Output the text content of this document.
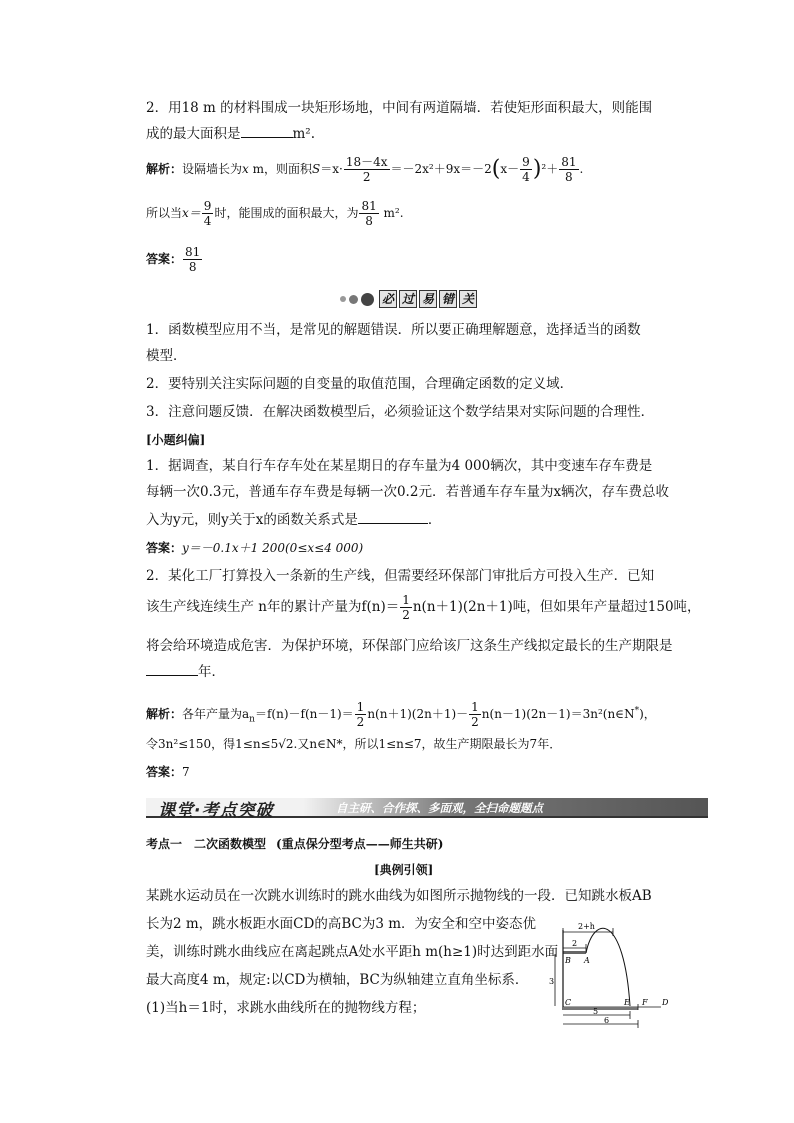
2．用18 m 的材料围成一块矩形场地，中间有两道隔墙．若使矩形面积最大，则能围
成的最大面积是	m².
解析：设隔墙长为x m，则面积$S=x\cdot \frac{18-4x}{2} =-2x^2+9x=-2(x- \frac{9}{4} )^2+ \frac{81}{8}$ .
所以当$x= \frac{9}{4}$ 时，能围成的面积最大，为 $\frac{81}{8} m^2$.
答案： $\frac{81}{8}$
必 过 易 错 关
1．函数模型应用不当，是常见的解题错误．所以要正确理解题意，选择适当的函数
模型．
2．要特别关注实际问题的自变量的取值范围，合理确定函数的定义域．
3．注意问题反馈．在解决函数模型后，必须验证这个数学结果对实际问题的合理性．
[小题纠偏]
1．据调查，某自行车存车处在某星期日的存车量为4 000辆次，其中变速车存车费是
每辆一次0.3元，普通车存车费是每辆一次0.2元．若普通车存车量为x辆次，存车费总收
入为y元，则y关于x的函数关系式是	．
答案：y＝－0.1x＋1 200(0≤x≤4 000)
2．某化工厂打算投入一条新的生产线，但需要经环保部门审批后方可投入生产．已知
该生产线连续生产 n年的累计产量为$f(n)= \frac{1}{2} n(n+1)(2n+1)$吨，但如果年产量超过150吨，
将会给环境造成危害．为保护环境，环保部门应给该厂这条生产线拟定最长的生产期限是
年．
解析：各年产量为$a_n=f(n)-f(n-1)= \frac{1}{2} n(n+1)(2n+1)- \frac{1}{2}$ n(n－1)(2n－1)＝3n²(n∈N*)，
令3n²≤150，得1≤n≤5√2.又n∈N*，所以1≤n≤7，故生产期限最长为7年．
答案：7
课堂·考点突破	自主研、合作探、多面观，全扫命题题点
考点一　二次函数模型 (重点保分型考点——师生共研)
[典例引领]
某跳水运动员在一次跳水训练时的跳水曲线为如图所示抛物线的一段．已知跳水板AB
长为2 m，跳水板距水面CD的高BC为3 m．为安全和空中姿态优
美，训练时跳水曲线应在离起跳点A处水平距h m(h≥1)时达到距水面
最大高度4 m，规定:以CD为横轴，BC为纵轴建立直角坐标系．
(1)当h＝1时，求跳水曲线所在的抛物线方程；
2+h
2
B A
3
C	E F D
5
6
